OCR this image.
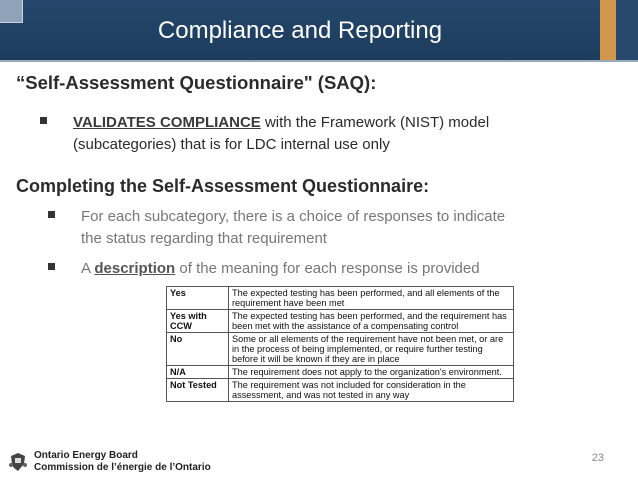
Compliance and Reporting
“Self-Assessment Questionnaire" (SAQ):
VALIDATES COMPLIANCE with the Framework (NIST) model
(subcategories) that is for LDC internal use only
Completing the Self-Assessment Questionnaire:
For each subcategory, there is a choice of responses to indicate
the status regarding that requirement
A description of the meaning for each response is provided
Yes	The expected testing has been performed, and all elements of the requirement have been met
Yes with CCW	The expected testing has been performed, and the requirement has been met with the assistance of a compensating control
No	Some or all elements of the requirement have not been met, or are in the process of being implemented, or require further testing before it will be known if they are in place
N/A	The requirement does not apply to the organization's environment.
Not Tested	The requirement was not included for consideration in the assessment, and was not tested in any way
Ontario Energy Board
Commission de l’énergie de l’Ontario
23
